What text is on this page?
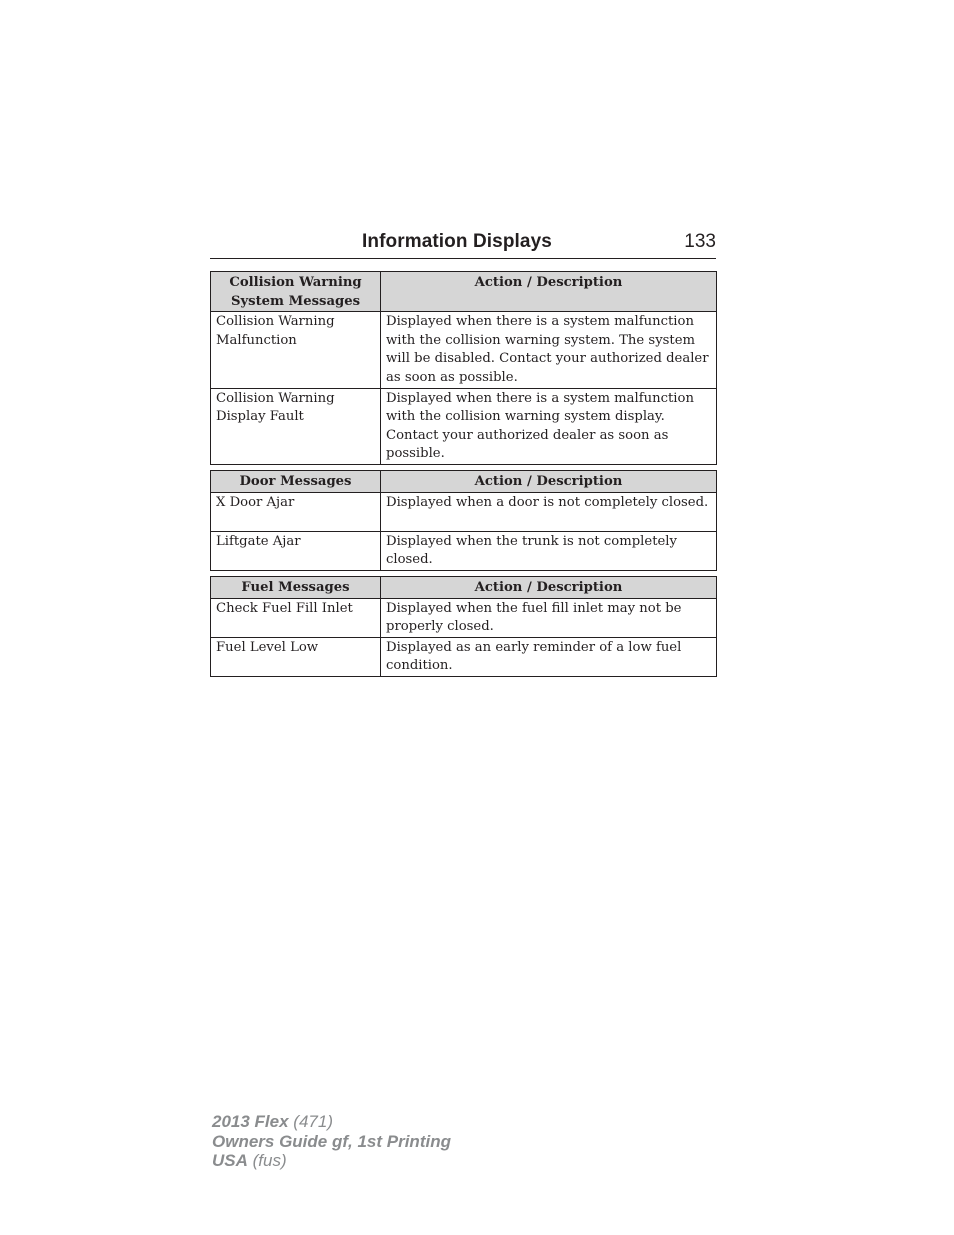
Information Displays	133
Collision Warning System Messages	Action / Description
Collision Warning Malfunction	Displayed when there is a system malfunction with the collision warning system. The system will be disabled. Contact your authorized dealer as soon as possible.
Collision Warning Display Fault	Displayed when there is a system malfunction with the collision warning system display. Contact your authorized dealer as soon as possible.
Door Messages	Action / Description
X Door Ajar	Displayed when a door is not completely closed.
Liftgate Ajar	Displayed when the trunk is not completely closed.
Fuel Messages	Action / Description
Check Fuel Fill Inlet	Displayed when the fuel fill inlet may not be properly closed.
Fuel Level Low	Displayed as an early reminder of a low fuel condition.
2013 Flex (471)
Owners Guide gf, 1st Printing
USA (fus)
